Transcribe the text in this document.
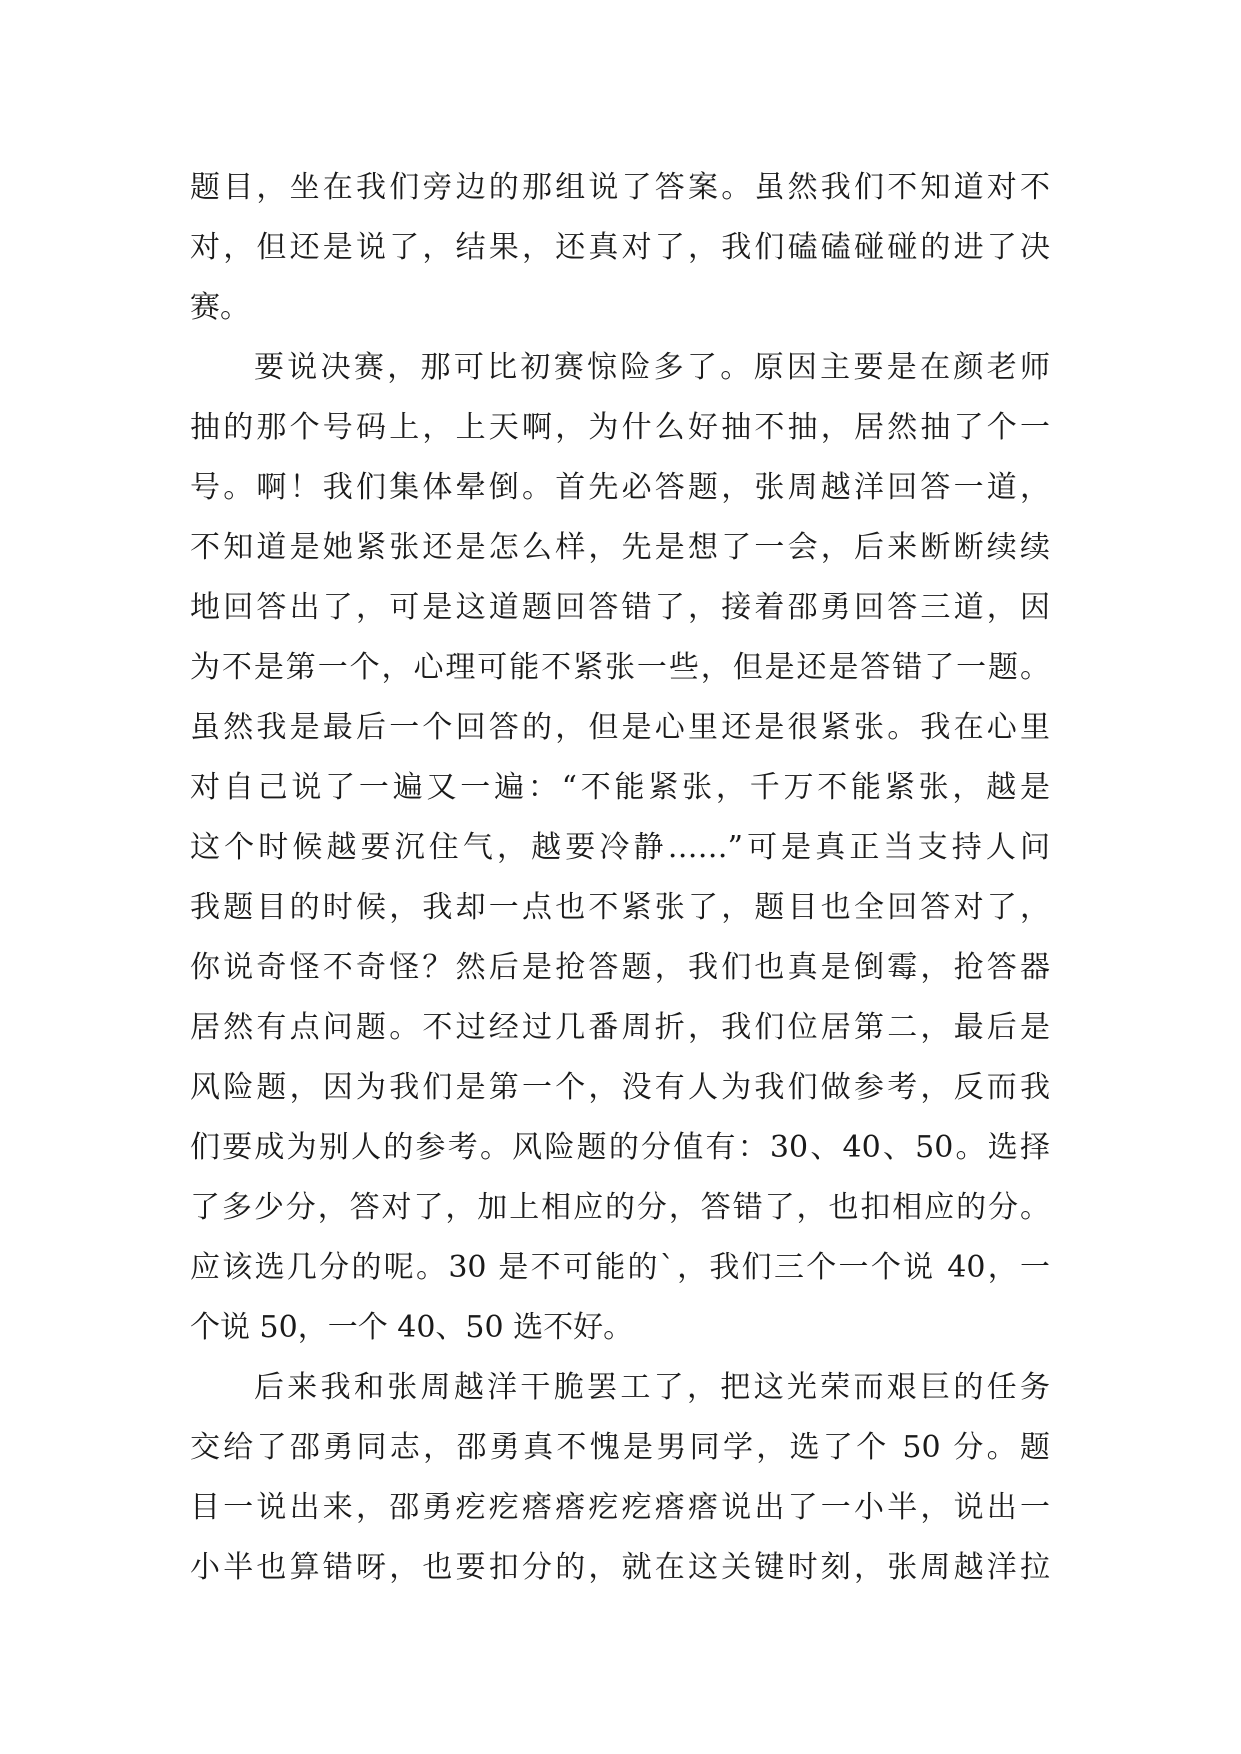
题目，坐在我们旁边的那组说了答案。虽然我们不知道对不
对，但还是说了，结果，还真对了，我们磕磕碰碰的进了决
赛。
要说决赛，那可比初赛惊险多了。原因主要是在颜老师
抽的那个号码上，上天啊，为什么好抽不抽，居然抽了个一
号。啊！我们集体晕倒。首先必答题，张周越洋回答一道，
不知道是她紧张还是怎么样，先是想了一会，后来断断续续
地回答出了，可是这道题回答错了，接着邵勇回答三道，因
为不是第一个，心理可能不紧张一些，但是还是答错了一题。
虽然我是最后一个回答的，但是心里还是很紧张。我在心里
对自己说了一遍又一遍：“不能紧张，千万不能紧张，越是
这个时候越要沉住气，越要冷静……”可是真正当支持人问
我题目的时候，我却一点也不紧张了，题目也全回答对了，
你说奇怪不奇怪？然后是抢答题，我们也真是倒霉，抢答器
居然有点问题。不过经过几番周折，我们位居第二，最后是
风险题，因为我们是第一个，没有人为我们做参考，反而我
们要成为别人的参考。风险题的分值有：30、40、50。选择
了多少分，答对了，加上相应的分，答错了，也扣相应的分。
应该选几分的呢。30 是不可能的`，我们三个一个说 40，一
个说 50，一个 40、50 选不好。
后来我和张周越洋干脆罢工了，把这光荣而艰巨的任务
交给了邵勇同志，邵勇真不愧是男同学，选了个 50 分。题
目一说出来，邵勇疙疙瘩瘩疙疙瘩瘩说出了一小半，说出一
小半也算错呀，也要扣分的，就在这关键时刻，张周越洋拉
